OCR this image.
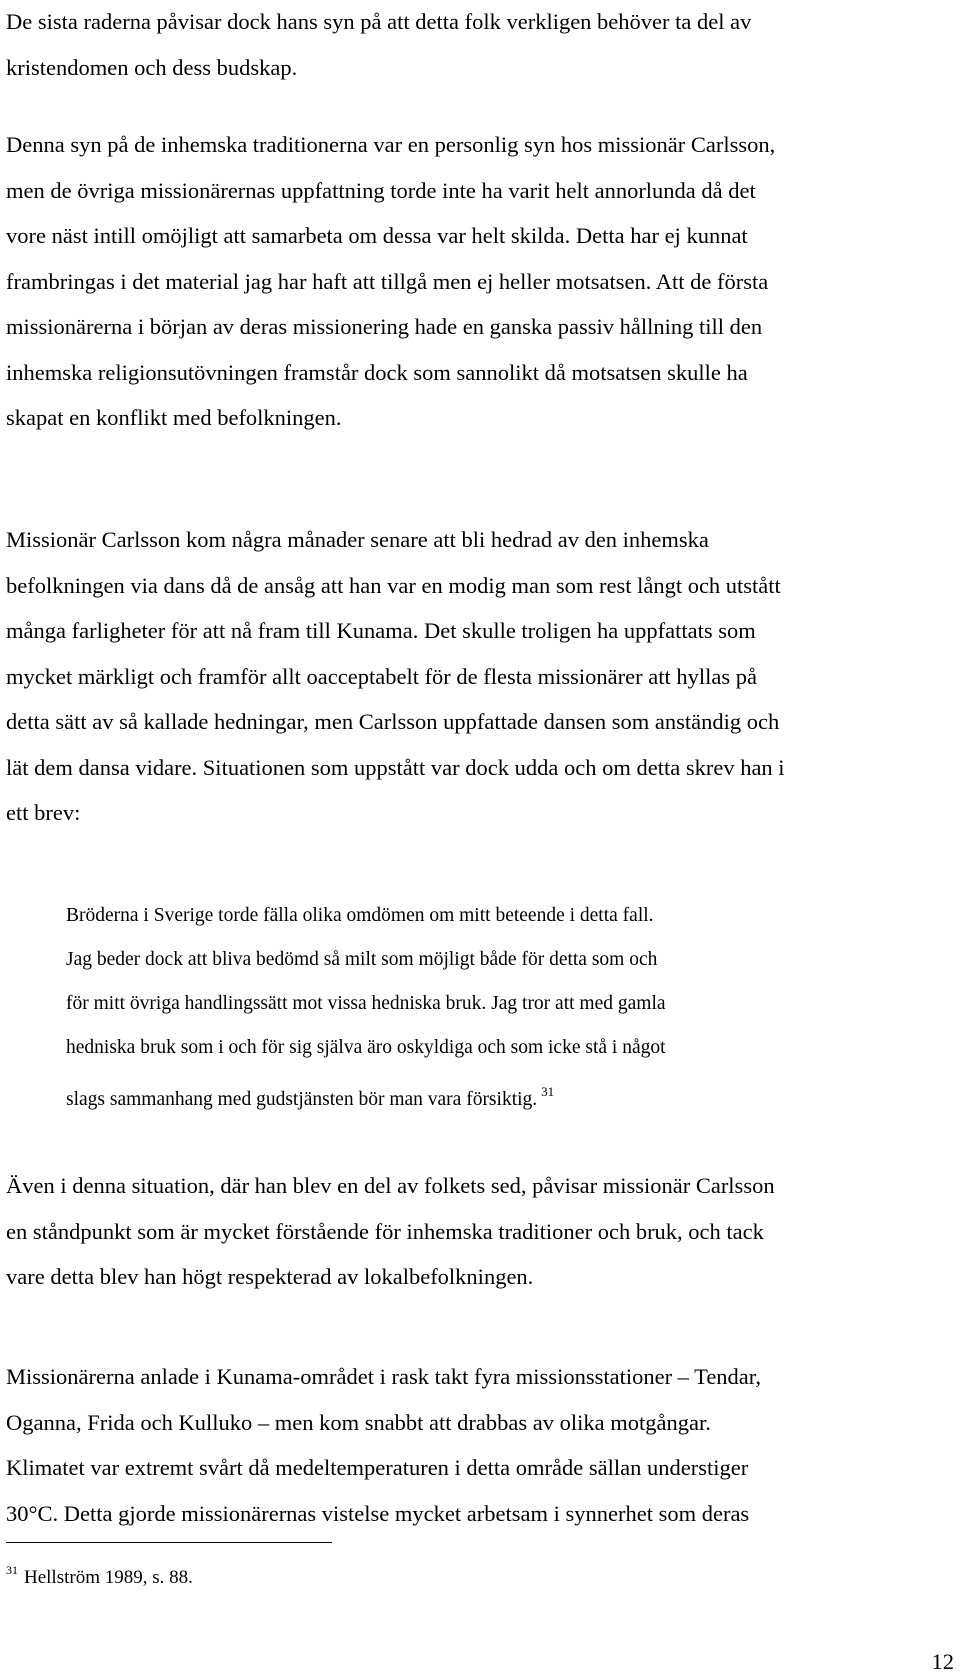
De sista raderna påvisar dock hans syn på att detta folk verkligen behöver ta del av
kristendomen och dess budskap.

Denna syn på de inhemska traditionerna var en personlig syn hos missionär Carlsson,
men de övriga missionärernas uppfattning torde inte ha varit helt annorlunda då det
vore näst intill omöjligt att samarbeta om dessa var helt skilda. Detta har ej kunnat
frambringas i det material jag har haft att tillgå men ej heller motsatsen. Att de första
missionärerna i början av deras missionering hade en ganska passiv hållning till den
inhemska religionsutövningen framstår dock som sannolikt då motsatsen skulle ha
skapat en konflikt med befolkningen.

Missionär Carlsson kom några månader senare att bli hedrad av den inhemska
befolkningen via dans då de ansåg att han var en modig man som rest långt och utstått
många farligheter för att nå fram till Kunama. Det skulle troligen ha uppfattats som
mycket märkligt och framför allt oacceptabelt för de flesta missionärer att hyllas på
detta sätt av så kallade hedningar, men Carlsson uppfattade dansen som anständig och
lät dem dansa vidare. Situationen som uppstått var dock udda och om detta skrev han i
ett brev:

Bröderna i Sverige torde fälla olika omdömen om mitt beteende i detta fall.
Jag beder dock att bliva bedömd så milt som möjligt både för detta som och
för mitt övriga handlingssätt mot vissa hedniska bruk. Jag tror att med gamla
hedniska bruk som i och för sig själva äro oskyldiga och som icke stå i något
slags sammanhang med gudstjänsten bör man vara försiktig. $^{31}$

Även i denna situation, där han blev en del av folkets sed, påvisar missionär Carlsson
en ståndpunkt som är mycket förstående för inhemska traditioner och bruk, och tack
vare detta blev han högt respekterad av lokalbefolkningen.

Missionärerna anlade i Kunama-området i rask takt fyra missionsstationer – Tendar,
Oganna, Frida och Kulluko – men kom snabbt att drabbas av olika motgångar.
Klimatet var extremt svårt då medeltemperaturen i detta område sällan understiger
30°C. Detta gjorde missionärernas vistelse mycket arbetsam i synnerhet som deras

$^{31}$ Hellström 1989, s. 88.
12
